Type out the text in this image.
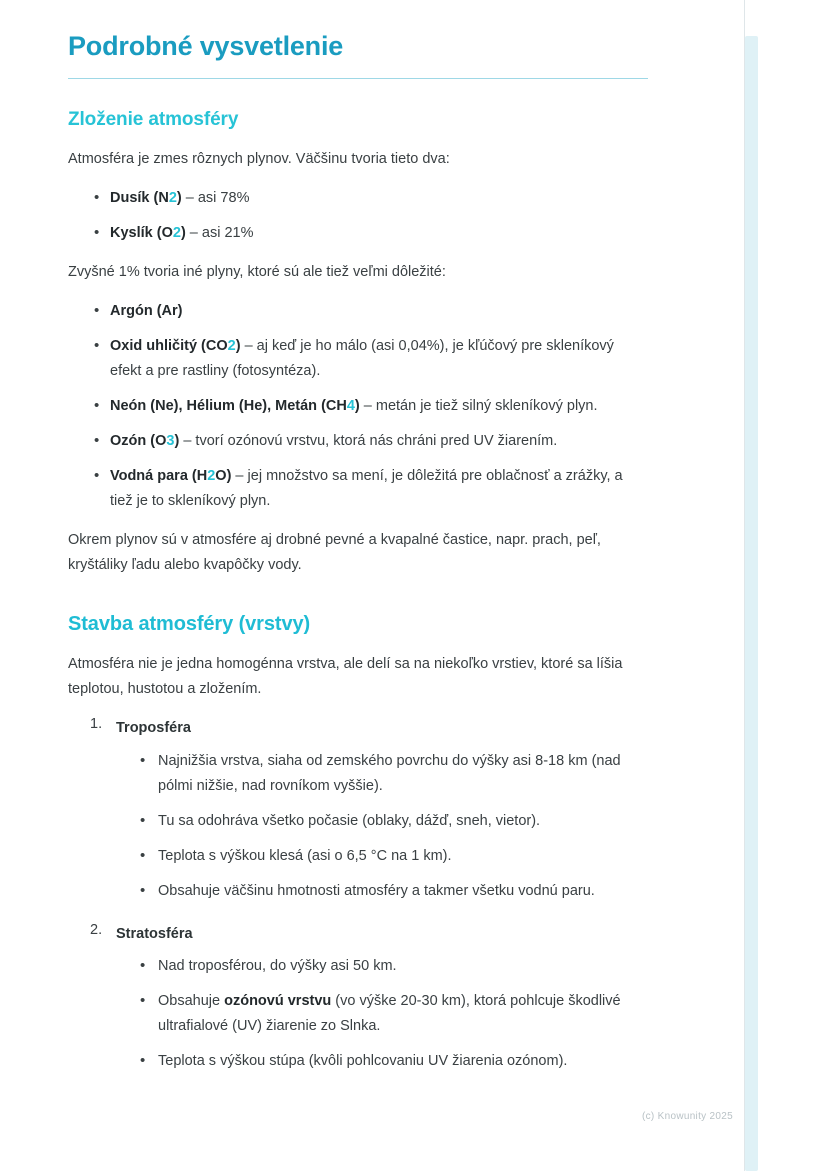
Podrobné vysvetlenie
Zloženie atmosféry

Atmosféra je zmes rôznych plynov. Väčšinu tvoria tieto dva:

• Dusík (N2) – asi 78%
• Kyslík (O2) – asi 21%

Zvyšné 1% tvoria iné plyny, ktoré sú ale tiež veľmi dôležité:

• Argón (Ar)
• Oxid uhličitý (CO2) – aj keď je ho málo (asi 0,04%), je kľúčový pre skleníkový efekt a pre rastliny (fotosyntéza).
• Neón (Ne), Hélium (He), Metán (CH4) – metán je tiež silný skleníkový plyn.
• Ozón (O3) – tvorí ozónovú vrstvu, ktorá nás chráni pred UV žiarením.
• Vodná para (H2O) – jej množstvo sa mení, je dôležitá pre oblačnosť a zrážky, a tiež je to skleníkový plyn.

Okrem plynov sú v atmosfére aj drobné pevné a kvapalné častice, napr. prach, peľ, kryštáliky ľadu alebo kvapôčky vody.

Stavba atmosféry (vrstvy)

Atmosféra nie je jedna homogénna vrstva, ale delí sa na niekoľko vrstiev, ktoré sa líšia teplotou, hustotou a zložením.

Troposféra
• Najnižšia vrstva, siaha od zemského povrchu do výšky asi 8-18 km (nad pólmi nižšie, nad rovníkom vyššie).
• Tu sa odohráva všetko počasie (oblaky, dážď, sneh, vietor).
• Teplota s výškou klesá (asi o 6,5 °C na 1 km).
• Obsahuje väčšinu hmotnosti atmosféry a takmer všetku vodnú paru.
Stratosféra
• Nad troposférou, do výšky asi 50 km.
• Obsahuje ozónovú vrstvu (vo výške 20-30 km), ktorá pohlcuje škodlivé ultrafialové (UV) žiarenie zo Slnka.
• Teplota s výškou stúpa (kvôli pohlcovaniu UV žiarenia ozónom).
(c) Knowunity 2025
